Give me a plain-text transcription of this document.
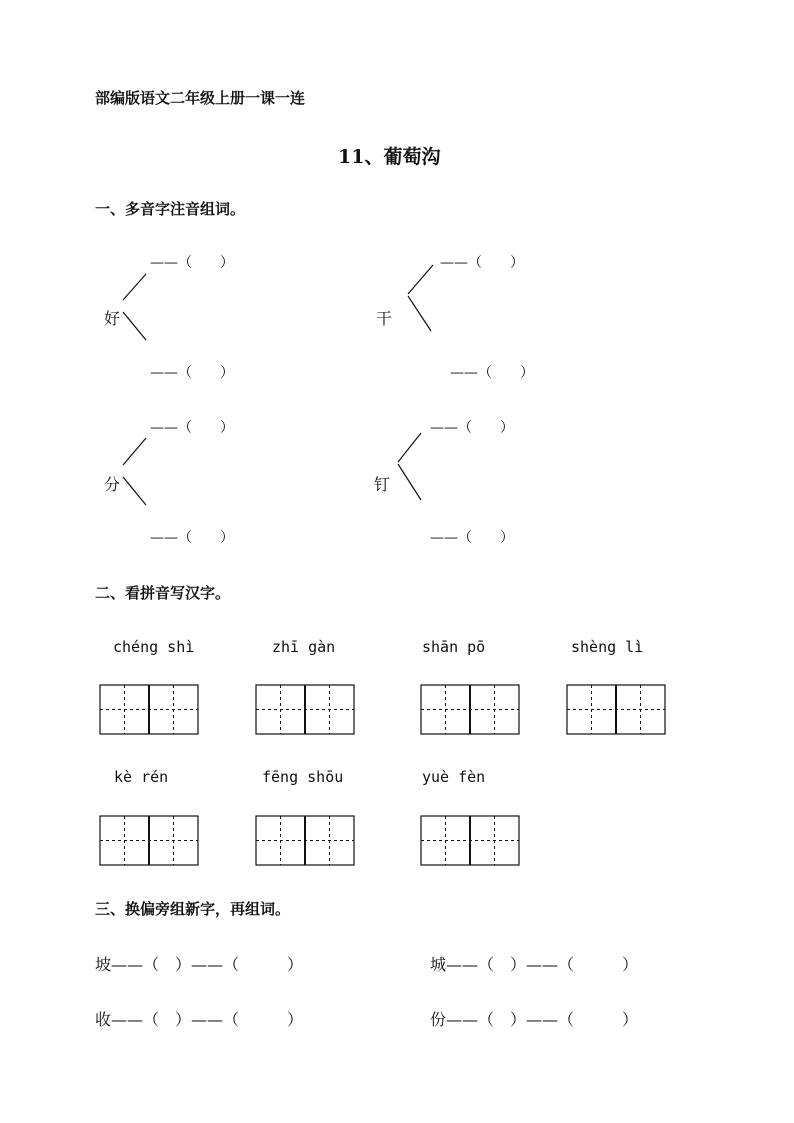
部编版语文二年级上册一课一连
11、葡萄沟
一、多音字注音组词。
好
——（　　）
——（　　）
干
——（　　）
——（　　）
分
——（　　）
——（　　）
钉
——（　　）
——（　　）
二、看拼音写汉字。
chéng shì	zhī gàn	shān pō	shèng lì
kè rén	fēng shōu	yuè fèn
三、换偏旁组新字，再组词。
坡——（　）——（　　　）	城——（　）——（　　　）
收——（　）——（　　　）	份——（　）——（　　　）
